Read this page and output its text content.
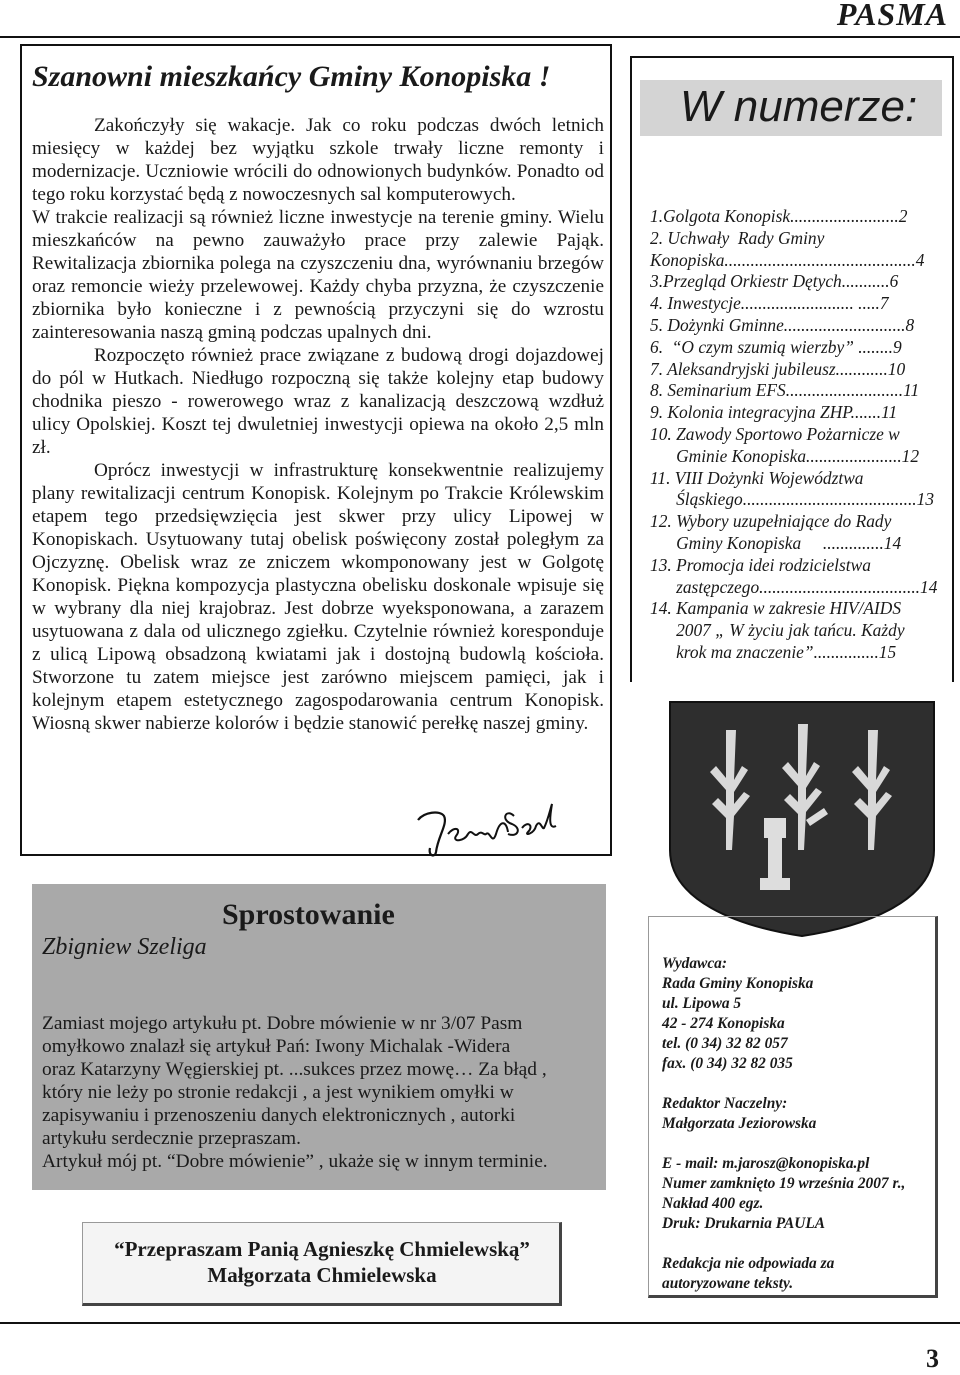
PASMA
Szanowni mieszkańcy Gminy Konopiska !

Zakończyły się wakacje. Jak co roku podczas dwóch letnich miesięcy w każdej bez wyjątku szkole trwały liczne remonty i modernizacje. Uczniowie wrócili do odnowionych budynków. Ponadto od tego roku korzystać będą z nowoczesnych sal komputerowych.

W trakcie realizacji są również liczne inwestycje na terenie gminy. Wielu mieszkańców na pewno zauważyło prace przy zalewie Pająk. Rewitalizacja zbiornika polega na czyszczeniu dna, wyrównaniu brzegów oraz remoncie wieży przelewowej. Każdy chyba przyzna, że czyszczenie zbiornika było konieczne i z pewnością przyczyni się do wzrostu zainteresowania naszą gminą podczas upalnych dni.

Rozpoczęto również prace związane z budową drogi dojazdowej do pól w Hutkach. Niedługo rozpoczną się także kolejny etap budowy chodnika pieszo - rowerowego wraz z kanalizacją deszczową wzdłuż ulicy Opolskiej. Koszt tej dwuletniej inwestycji opiewa na około 2,5 mln zł.

Oprócz inwestycji w infrastrukturę konsekwentnie realizujemy plany rewitalizacji centrum Konopisk. Kolejnym po Trakcie Królewskim etapem tego przedsięwzięcia jest skwer przy ulicy Lipowej w Konopiskach. Usytuowany tutaj obelisk poświęcony został poległym za Ojczyznę. Obelisk wraz ze zniczem wkomponowany jest w Golgotę Konopisk. Piękna kompozycja plastyczna obelisku doskonale wpisuje się w wybrany dla niej krajobraz. Jest dobrze wyeksponowana, a zarazem usytuowana z dala od ulicznego zgiełku. Czytelnie również koresponduje z ulicą Lipową obsadzoną kwiatami jak i dostojną budowlą kościoła. Stworzone tu zatem miejsce jest zarówno miejscem pamięci, jak i kolejnym etapem estetycznego zagospodarowania centrum Konopisk. Wiosną skwer nabierze kolorów i będzie stanowić perełkę naszej gminy.

W numerze:
1.Golgota Konopisk.........................2
2. Uchwały  Rady Gminy
Konopiska............................................4
3.Przegląd Orkiestr Dętych...........6
4. Inwestycje.......................... .....7
5. Dożynki Gminne............................8
6.  “O czym szumią wierzby” ........9
7. Aleksandryjski jubileusz............10
8. Seminarium EFS...........................11
9. Kolonia integracyjna ZHP.......11
10. Zawody Sportowo Pożarnicze w
Gminie Konopiska......................12
11. VIII Dożynki Województwa
Śląskiego........................................13
12. Wybory uzupełniające do Rady
Gminy Konopiska     ..............14
13. Promocja idei rodzicielstwa
zastępczego.....................................14
14. Kampania w zakresie HIV/AIDS
2007 „ W życiu jak tańcu. Każdy
krok ma znaczenie”...............15
Sprostowanie
Zbigniew Szeliga
Zamiast mojego artykułu pt. Dobre mówienie w nr 3/07 Pasm
omyłkowo znalazł się artykuł Pań: Iwony Michalak -Widera
oraz Katarzyny Węgierskiej pt. ...sukces przez mowę… Za błąd ,
który nie leży po stronie redakcji , a jest wynikiem omyłki w
zapisywaniu i przenoszeniu danych elektronicznych , autorki
artykułu serdecznie przepraszam.
Artykuł mój pt. “Dobre mówienie” , ukaże się w innym terminie.
“Przepraszam Panią Agnieszkę Chmielewską”
Małgorzata Chmielewska
Wydawca:
Rada Gminy Konopiska
ul. Lipowa 5
42 - 274 Konopiska
tel. (0 34) 32 82 057
fax. (0 34) 32 82 035
Redaktor Naczelny:
Małgorzata Jeziorowska
E - mail: m.jarosz@konopiska.pl
Numer zamknięto 19 września 2007 r.,
Nakład 400 egz.
Druk: Drukarnia PAULA
Redakcja nie odpowiada za
autoryzowane teksty.
3
